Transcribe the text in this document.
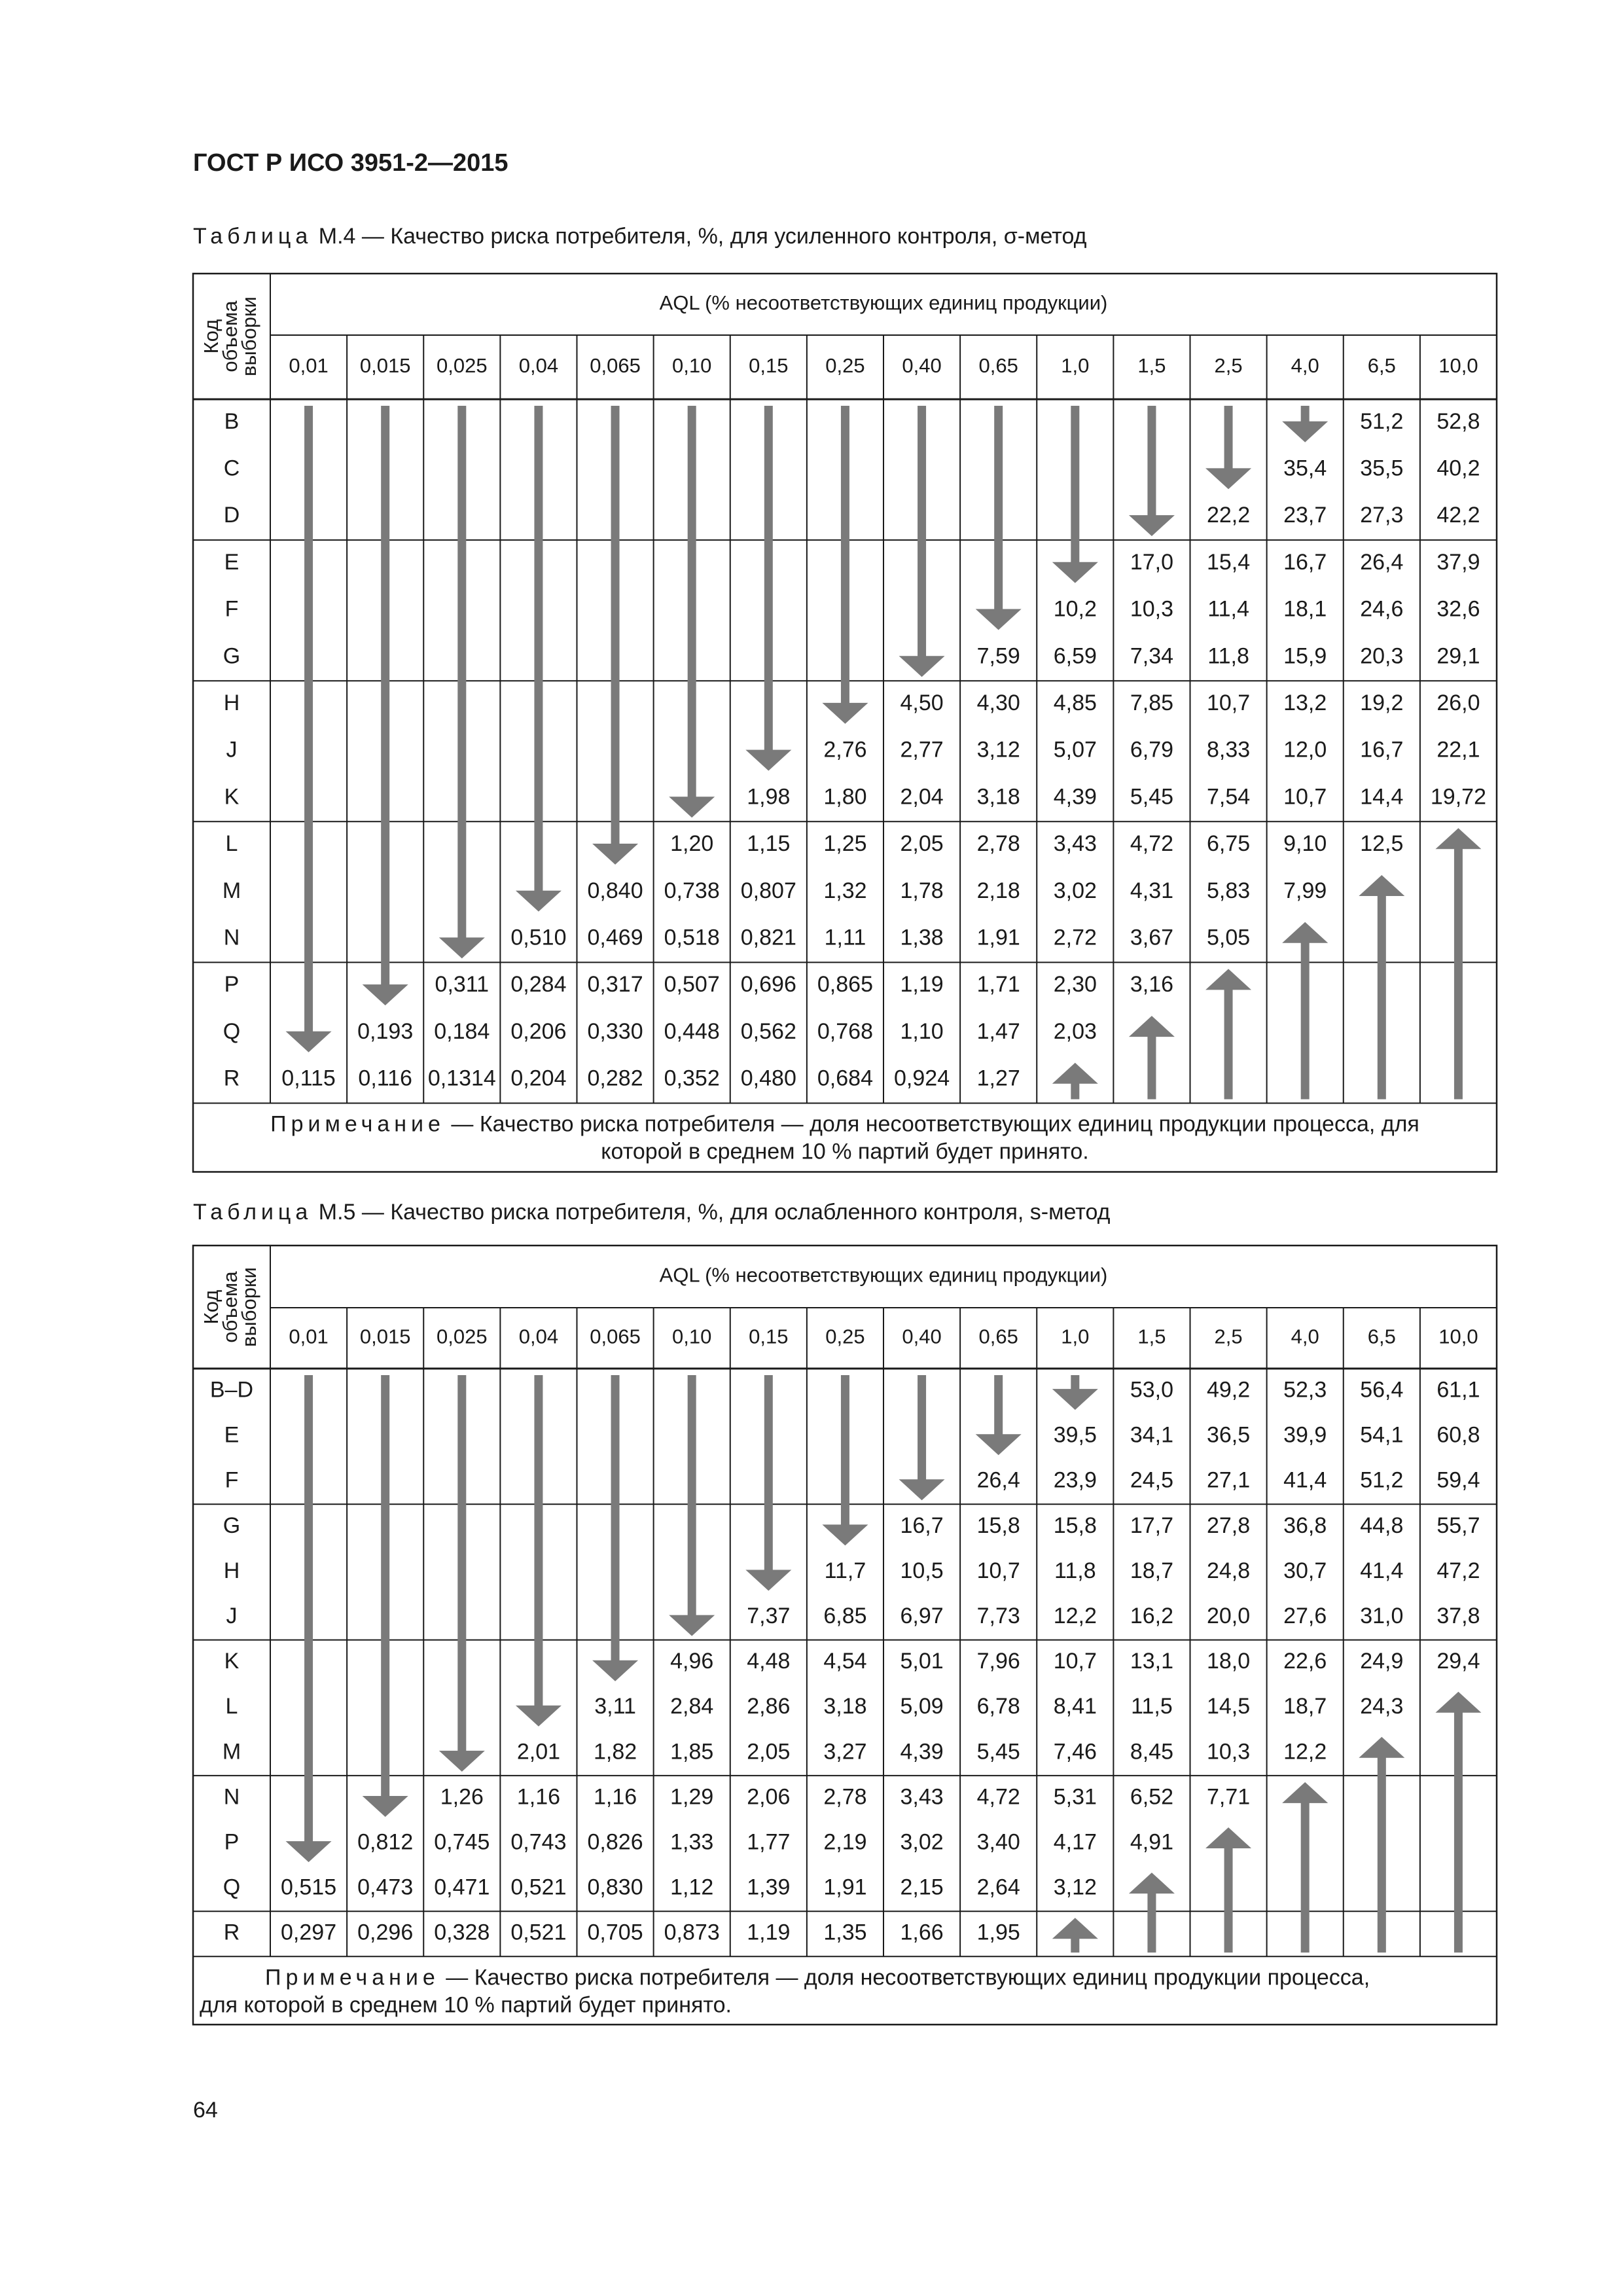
ГОСТ Р ИСО 3951-2—2015

Таблица М.4 — Качество риска потребителя, %, для усиленного контроля, σ-метод

Код
объема
выборки	AQL (% несоответствующих единиц продукции)
0,01 0,015 0,025 0,04 0,065 0,10 0,15 0,25 0,40 0,65 1,0 1,5 2,5 4,0 6,5 10,0
B
C
D
E
F
G
H
J
K
L
M
N
P
Q
R
51,2 52,8
35,4 35,5 40,2
22,2 23,7 27,3 42,2
17,0 15,4 16,7 26,4 37,9
10,2 10,3 11,4 18,1 24,6 32,6
7,59 6,59 7,34 11,8 15,9 20,3 29,1
4,50 4,30 4,85 7,85 10,7 13,2 19,2 26,0
2,76 2,77 3,12 5,07 6,79 8,33 12,0 16,7 22,1
1,98 1,80 2,04 3,18 4,39 5,45 7,54 10,7 14,4 19,72
1,20 1,15 1,25 2,05 2,78 3,43 4,72 6,75 9,10 12,5
0,840 0,738 0,807 1,32 1,78 2,18 3,02 4,31 5,83 7,99
0,510 0,469 0,518 0,821 1,11 1,38 1,91 2,72 3,67 5,05
0,311 0,284 0,317 0,507 0,696 0,865 1,19 1,71 2,30 3,16
0,193 0,184 0,206 0,330 0,448 0,562 0,768 1,10 1,47 2,03
0,115 0,116 0,1314 0,204 0,282 0,352 0,480 0,684 0,924 1,27
Примечание — Качество риска потребителя — доля несоответствующих единиц продукции процесса, для
которой в среднем 10 % партий будет принято.

Таблица М.5 — Качество риска потребителя, %, для ослабленного контроля, s-метод

Код
объема
выборки	AQL (% несоответствующих единиц продукции)
0,01 0,015 0,025 0,04 0,065 0,10 0,15 0,25 0,40 0,65 1,0 1,5 2,5 4,0 6,5 10,0
B–D
E
F
G
H
J
K
L
M
N
P
Q
R
53,0 49,2 52,3 56,4 61,1
39,5 34,1 36,5 39,9 54,1 60,8
26,4 23,9 24,5 27,1 41,4 51,2 59,4
16,7 15,8 15,8 17,7 27,8 36,8 44,8 55,7
11,7 10,5 10,7 11,8 18,7 24,8 30,7 41,4 47,2
7,37 6,85 6,97 7,73 12,2 16,2 20,0 27,6 31,0 37,8
4,96 4,48 4,54 5,01 7,96 10,7 13,1 18,0 22,6 24,9 29,4
3,11 2,84 2,86 3,18 5,09 6,78 8,41 11,5 14,5 18,7 24,3
2,01 1,82 1,85 2,05 3,27 4,39 5,45 7,46 8,45 10,3 12,2
1,26 1,16 1,16 1,29 2,06 2,78 3,43 4,72 5,31 6,52 7,71
0,812 0,745 0,743 0,826 1,33 1,77 2,19 3,02 3,40 4,17 4,91
0,515 0,473 0,471 0,521 0,830 1,12 1,39 1,91 2,15 2,64 3,12
0,297 0,296 0,328 0,521 0,705 0,873 1,19 1,35 1,66 1,95
Примечание — Качество риска потребителя — доля несоответствующих единиц продукции процесса,
для которой в среднем 10 % партий будет принято.

64
